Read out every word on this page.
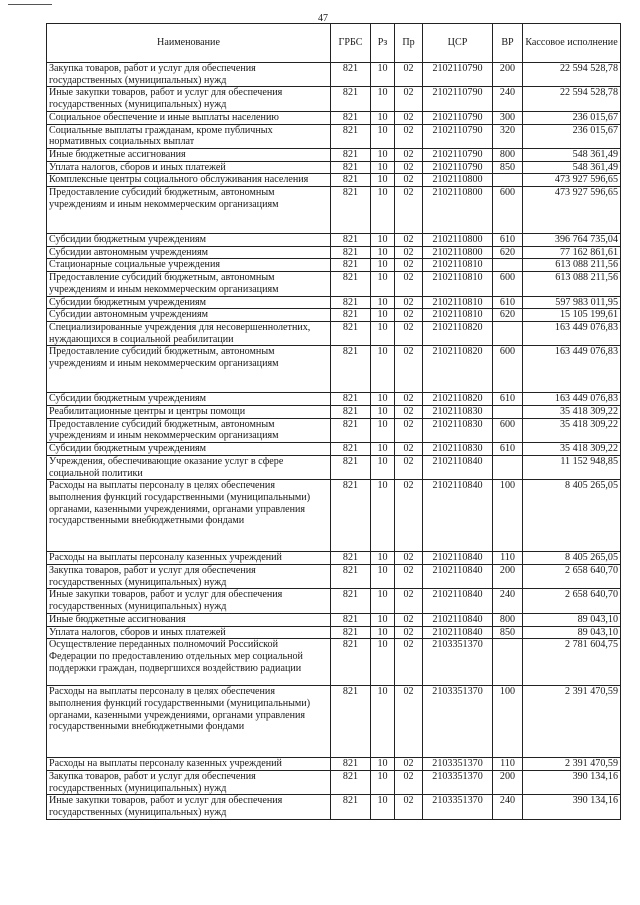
47
Наименование	ГРБС	Рз	Пр	ЦСР	ВР	Кассовое исполнение
Закупка товаров, работ и услуг для обеспечения государственных (муниципальных) нужд	821	10	02	2102110790	200	22 594 528,78
Иные закупки товаров, работ и услуг для обеспечения государственных (муниципальных) нужд	821	10	02	2102110790	240	22 594 528,78
Социальное обеспечение и иные выплаты населению	821	10	02	2102110790	300	236 015,67
Социальные выплаты гражданам, кроме публичных нормативных социальных выплат	821	10	02	2102110790	320	236 015,67
Иные бюджетные ассигнования	821	10	02	2102110790	800	548 361,49
Уплата налогов, сборов и иных платежей	821	10	02	2102110790	850	548 361,49
Комплексные центры социального обслуживания населения	821	10	02	2102110800		473 927 596,65
Предоставление субсидий бюджетным, автономным учреждениям и иным некоммерческим организациям	821	10	02	2102110800	600	473 927 596,65
Субсидии бюджетным учреждениям	821	10	02	2102110800	610	396 764 735,04
Субсидии автономным учреждениям	821	10	02	2102110800	620	77 162 861,61
Стационарные социальные учреждения	821	10	02	2102110810		613 088 211,56
Предоставление субсидий бюджетным, автономным учреждениям и иным некоммерческим организациям	821	10	02	2102110810	600	613 088 211,56
Субсидии бюджетным учреждениям	821	10	02	2102110810	610	597 983 011,95
Субсидии автономным учреждениям	821	10	02	2102110810	620	15 105 199,61
Специализированные учреждения для несовершеннолетних, нуждающихся в социальной реабилитации	821	10	02	2102110820		163 449 076,83
Предоставление субсидий бюджетным, автономным учреждениям и иным некоммерческим организациям	821	10	02	2102110820	600	163 449 076,83
Субсидии бюджетным учреждениям	821	10	02	2102110820	610	163 449 076,83
Реабилитационные центры и центры помощи	821	10	02	2102110830		35 418 309,22
Предоставление субсидий бюджетным, автономным учреждениям и иным некоммерческим организациям	821	10	02	2102110830	600	35 418 309,22
Субсидии бюджетным учреждениям	821	10	02	2102110830	610	35 418 309,22
Учреждения, обеспечивающие оказание услуг в сфере социальной политики	821	10	02	2102110840		11 152 948,85
Расходы на выплаты персоналу в целях обеспечения выполнения функций государственными (муниципальными) органами, казенными учреждениями, органами управления государственными внебюджетными фондами	821	10	02	2102110840	100	8 405 265,05
Расходы на выплаты персоналу казенных учреждений	821	10	02	2102110840	110	8 405 265,05
Закупка товаров, работ и услуг для обеспечения государственных (муниципальных) нужд	821	10	02	2102110840	200	2 658 640,70
Иные закупки товаров, работ и услуг для обеспечения государственных (муниципальных) нужд	821	10	02	2102110840	240	2 658 640,70
Иные бюджетные ассигнования	821	10	02	2102110840	800	89 043,10
Уплата налогов, сборов и иных платежей	821	10	02	2102110840	850	89 043,10
Осуществление переданных полномочий Российской Федерации по предоставлению отдельных мер социальной поддержки граждан, подвергшихся воздействию радиации	821	10	02	2103351370		2 781 604,75
Расходы на выплаты персоналу в целях обеспечения выполнения функций государственными (муниципальными) органами, казенными учреждениями, органами управления государственными внебюджетными фондами	821	10	02	2103351370	100	2 391 470,59
Расходы на выплаты персоналу казенных учреждений	821	10	02	2103351370	110	2 391 470,59
Закупка товаров, работ и услуг для обеспечения государственных (муниципальных) нужд	821	10	02	2103351370	200	390 134,16
Иные закупки товаров, работ и услуг для обеспечения государственных (муниципальных) нужд	821	10	02	2103351370	240	390 134,16
